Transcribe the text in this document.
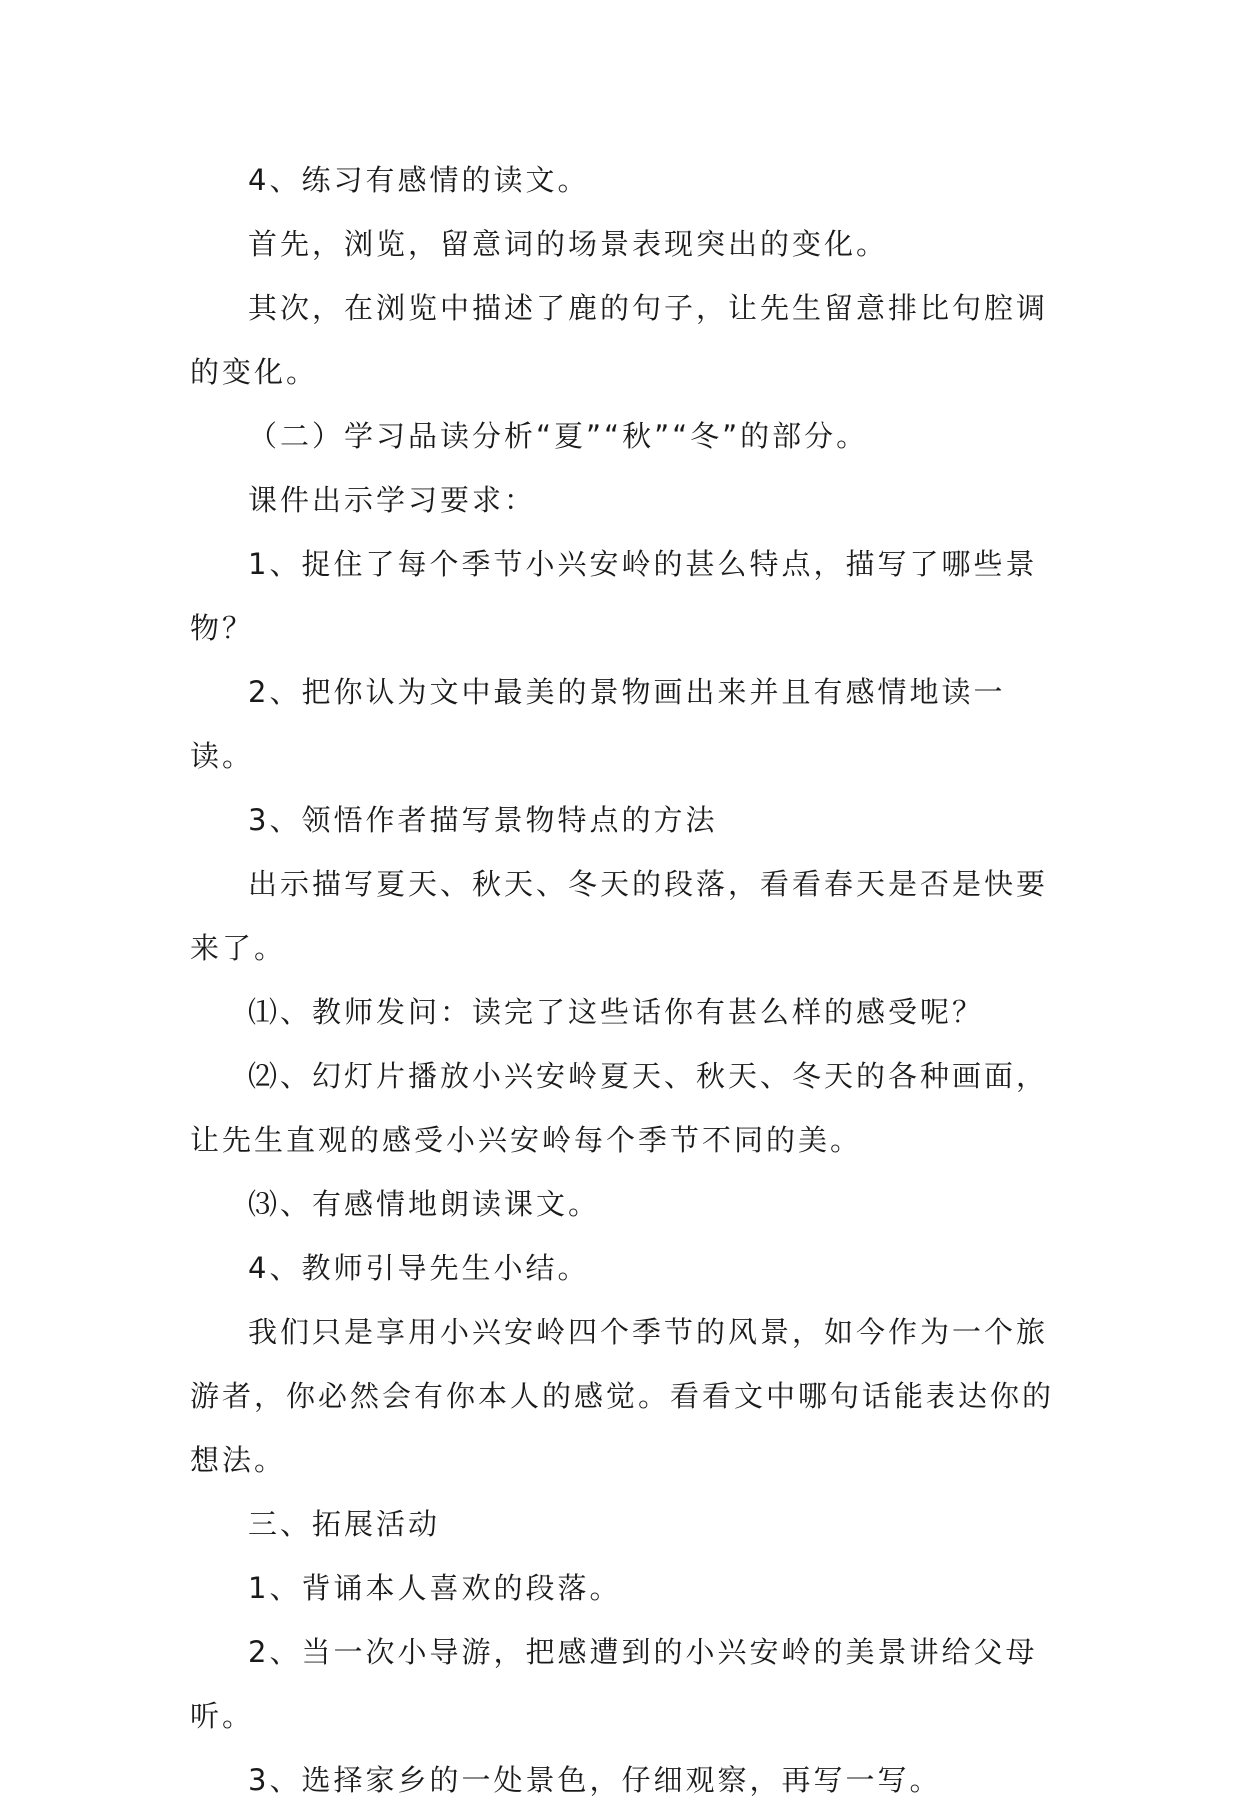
4、练习有感情的读文。

首先，浏览，留意词的场景表现突出的变化。

其次，在浏览中描述了鹿的句子，让先生留意排比句腔调的变化。

（二）学习品读分析“夏”“秋”“冬”的部分。

课件出示学习要求：

1、捉住了每个季节小兴安岭的甚么特点，描写了哪些景物？

2、把你认为文中最美的景物画出来并且有感情地读一读。

3、领悟作者描写景物特点的方法

出示描写夏天、秋天、冬天的段落，看看春天是否是快要来了。

⑴、教师发问：读完了这些话你有甚么样的感受呢？

⑵、幻灯片播放小兴安岭夏天、秋天、冬天的各种画面，让先生直观的感受小兴安岭每个季节不同的美。

⑶、有感情地朗读课文。

4、教师引导先生小结。

我们只是享用小兴安岭四个季节的风景，如今作为一个旅游者，你必然会有你本人的感觉。看看文中哪句话能表达你的想法。

三、拓展活动

1、背诵本人喜欢的段落。

2、当一次小导游，把感遭到的小兴安岭的美景讲给父母听。

3、选择家乡的一处景色，仔细观察，再写一写。
